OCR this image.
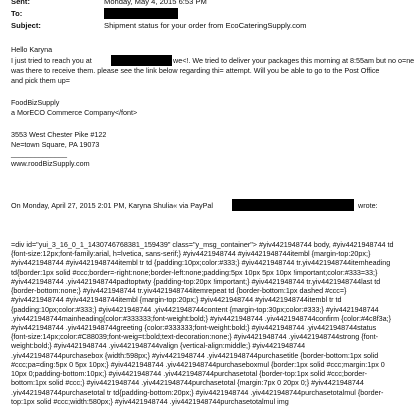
Sent:	Monday, May 4, 2015 6:53 PM
To:
Subject:	Shipment status for your order from EcoCateringSupply.com
Hello Karyna
I just tried to reach you at	we<!. We tried to deliver your packages this morning at 8:55am but no o=ne
was there to receive them. please see the link below regarding thi= attempt. Will you be able to go to the Post Office
and pick them up=
FoodBizSupply
a MorECO Commerce Company</font>
3553 West Chester Pike #122
Ne=town Square, PA 19073
______________
www.roodBizSupply.com
On Monday, April 27, 2015 2:01 PM, Karyna Shulia« via PayPal	wrote:
=div id="yui_3_16_0_1_1430746768381_159439" class="y_msg_container"> #yiv4421948744 body, #yiv4421948744 td {font-size:12px;font-family:arial, h=lvetica, sans-serif;} #yiv4421948744 #yiv4421948744itembl {margin-top:20px;} #yiv4421948744 #yiv4421948744itembl tr td {padding:10px;color:#333;} #yiv4421948744 tr.yiv4421948744itemheading td{border:1px solid #ccc;border=-right:none;border-left:none;padding:5px 10px 5px 10px !important;color:#333=33;} #yiv4421948744 .yiv4421948744padtoptwty {padding-top:20px !important;} #yiv4421948744 tr.yiv4421948744last td {border-bottom:none;} #yiv4421948744 tr.yiv4421948744itemrepeat td {border-bottom:1px dashed #ccc=} #yiv4421948744 #yiv4421948744itembl {margin-top:20px;} #yiv4421948744 #yiv4421948744itembl tr td {padding:10px;color:#333;} #yiv4421948744 .yiv4421948744content {margin-top:30px;color:#333;} #yiv4421948744 .yiv4421948744mainheading{color:#333333;font-weight:bold;} #yiv4421948744 .yiv4421948744confirm {color:#4c8f3a;} #yiv4421948744 .yiv4421948744greeting {color:#333333;font-weight:bold;} #yiv4421948744 .yiv4421948744status {font-size:14px;color:#C88039;font-weig=t:bold;text-decoration:none;} #yiv4421948744 .yiv4421948744strong {font-weight:bold;} #yiv4421948744 .yiv4421948744valign {vertical-align:middle;} #yiv4421948744 .yiv4421948744purchasebox {width:598px;} #yiv4421948744 .yiv4421948744purchasetitle {border-bottom:1px solid #ccc;pa=ding:5px 0 5px 10px;} #yiv4421948744 .yiv4421948744purchaseboxmul {border:1px solid #ccc;margin:1px 0 10px 0;padding-bottom:10px;} #yiv4421948744 .yiv4421948744purchasetotal {border-top:1px solid #ccc;border-bottom:1px solid #ccc;} #yiv4421948744 .yiv4421948744purchasetotal {margin:7px 0 20px 0;} #yiv4421948744 .yiv4421948744purchasetotal tr td{padding-bottom:20px;} #yiv4421948744 .yiv4421948744purchasetotalmul {border-top:1px solid #ccc;width:580px;} #yiv4421948744 .yiv4421948744purchasetotalmul img
